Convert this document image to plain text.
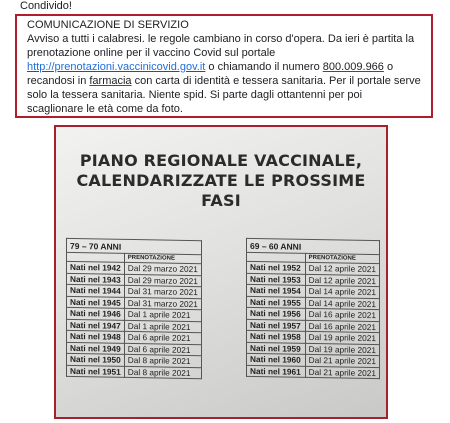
Condivido!
COMUNICAZIONE DI SERVIZIO
Avviso a tutti i calabresi. le regole cambiano in corso d'opera. Da ieri è partita la prenotazione online per il vaccino Covid sul portale http://prenotazioni.vaccinicovid.gov.it o chiamando il numero 800.009.966 o recandosi in farmacia con carta di identità e tessera sanitaria. Per il portale serve solo la tessera sanitaria. Niente spid. Si parte dagli ottantenni per poi scaglionare le età come da foto.
PIANO REGIONALE VACCINALE,
CALENDARIZZATE LE PROSSIME FASI
79 – 70 ANNI	
	PRENOTAZIONE
Nati nel 1942	Dal 29 marzo 2021
Nati nel 1943	Dal 29 marzo 2021
Nati nel 1944	Dal 31 marzo 2021
Nati nel 1945	Dal 31 marzo 2021
Nati nel 1946	Dal 1 aprile 2021
Nati nel 1947	Dal 1 aprile 2021
Nati nel 1948	Dal 6 aprile 2021
Nati nel 1949	Dal 6 aprile 2021
Nati nel 1950	Dal 8 aprile 2021
Nati nel 1951	Dal 8 aprile 2021
69 – 60 ANNI	
	PRENOTAZIONE
Nati nel 1952	Dal 12 aprile 2021
Nati nel 1953	Dal 12 aprile 2021
Nati nel 1954	Dal 14 aprile 2021
Nati nel 1955	Dal 14 aprile 2021
Nati nel 1956	Dal 16 aprile 2021
Nati nel 1957	Dal 16 aprile 2021
Nati nel 1958	Dal 19 aprile 2021
Nati nel 1959	Dal 19 aprile 2021
Nati nel 1960	Dal 21 aprile 2021
Nati nel 1961	Dal 21 aprile 2021
